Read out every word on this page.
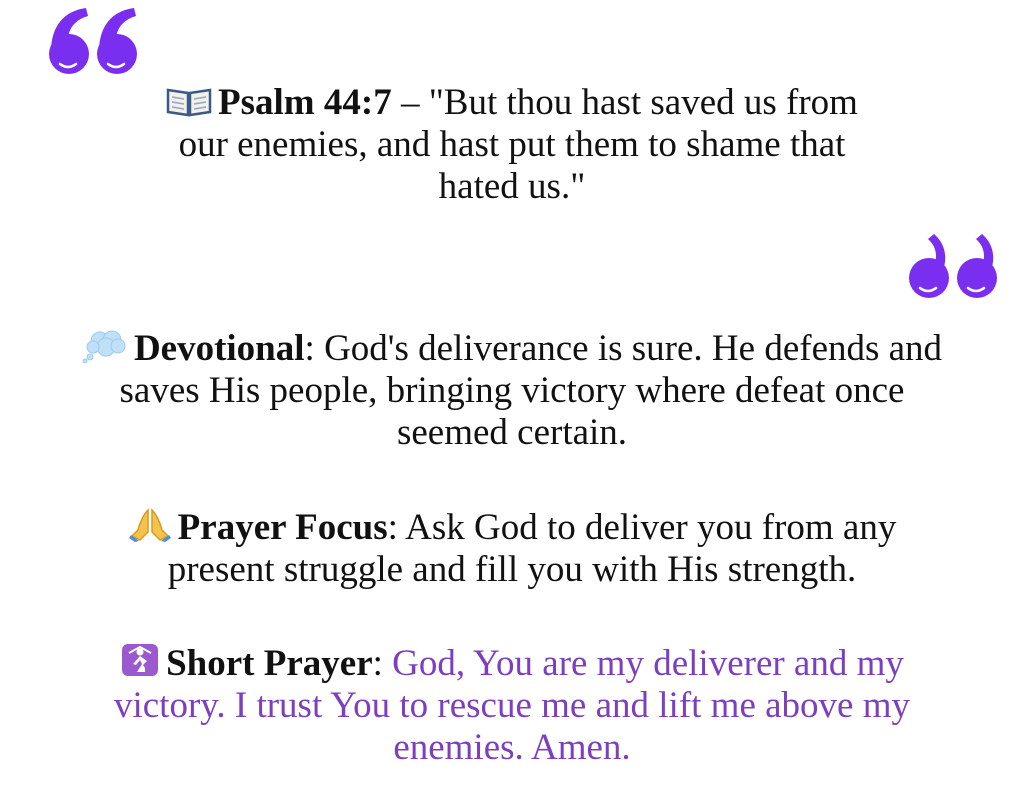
Psalm 44:7 – "But thou hast saved us from
our enemies, and hast put them to shame that
hated us."
Devotional: God's deliverance is sure. He defends and
saves His people, bringing victory where defeat once
seemed certain.
Prayer Focus: Ask God to deliver you from any
present struggle and fill you with His strength.
Short Prayer: God, You are my deliverer and my
victory. I trust You to rescue me and lift me above my
enemies. Amen.
